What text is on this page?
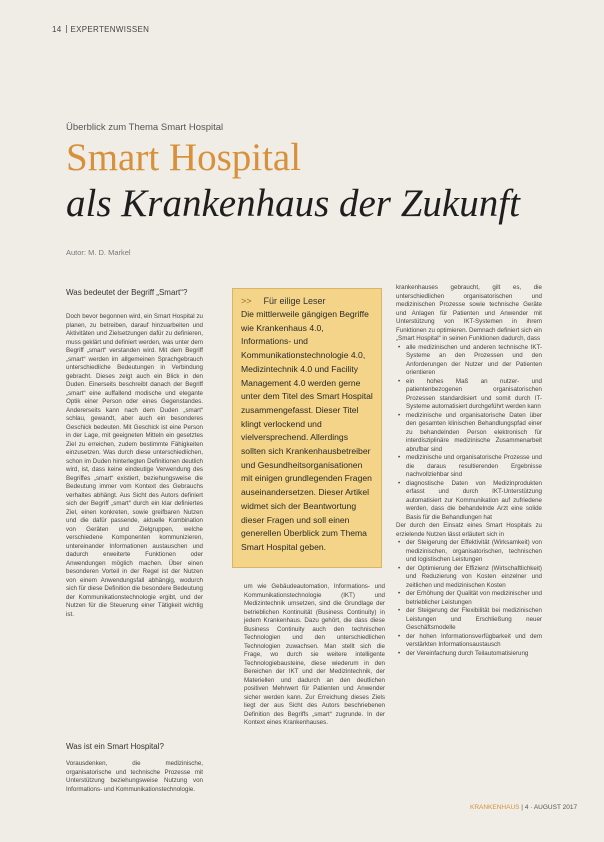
14 EXPERTENWISSEN
Überblick zum Thema Smart Hospital
Smart Hospital
als Krankenhaus der Zukunft
Autor: M. D. Markel
Was bedeutet der Begriff „Smart“?

Doch bevor begonnen wird, ein Smart Hospital zu planen, zu betreiben, darauf hinzuarbeiten und Aktivitäten und Zielsetzungen dafür zu definieren, muss geklärt und definiert werden, was unter dem Begriff „smart“ verstanden wird. Mit dem Begriff „smart“ werden im allgemeinen Sprachgebrauch unterschiedliche Bedeutungen in Verbindung gebracht. Dieses zeigt auch ein Blick in den Duden. Einerseits beschreibt danach der Begriff „smart“ eine auffallend modische und elegante Optik einer Person oder eines Gegenstandes. Andererseits kann nach dem Duden „smart“ schlau, gewandt, aber auch ein besonderes Geschick bedeuten. Mit Geschick ist eine Person in der Lage, mit geeigneten Mitteln ein gesetztes Ziel zu erreichen, zudem bestimmte Fähigkeiten einzusetzen. Was durch diese unterschiedlichen, schon im Duden hinterlegten Definitionen deutlich wird, ist, dass keine eindeutige Verwendung des Begriffes „smart“ existiert, beziehungsweise die Bedeutung immer vom Kontext des Gebrauchs verhaltes abhängt. Aus Sicht des Autors definiert sich der Begriff „smart“ durch ein klar definiertes Ziel, einen konkreten, sowie greifbaren Nutzen und die dafür passende, aktuelle Kombination von Geräten und Zielgruppen, welche verschiedene Komponenten kommunizieren, untereinander Informationen austauschen und dadurch erweiterte Funktionen oder Anwendungen möglich machen. Über einen besonderen Vorteil in der Regel ist der Nutzen von einem Anwendungsfall abhängig, wodurch sich für diese Definition die besondere Bedeutung der Kommunikationstechnologie ergibt, und der Nutzen für die Steuerung einer Tätigkeit wichtig ist.

Was ist ein Smart Hospital?

Vorausdenken, die medizinische, organisatorische und technische Prozesse mit Unterstützung beziehungsweise Nutzung von Informations- und Kommunikationstechnologie.

>> Für eilige Leser
Die mittlerweile gängigen Begriffe wie Krankenhaus 4.0, Informations- und Kommunikationstechnologie 4.0, Medizintechnik 4.0 und Facility Management 4.0 werden gerne unter dem Titel des Smart Hospital zusammengefasst. Dieser Titel klingt verlockend und vielversprechend. Allerdings sollten sich Krankenhausbetreiber und Gesundheitsorganisationen mit einigen grundlegenden Fragen auseinandersetzen. Dieser Artikel widmet sich der Beantwortung dieser Fragen und soll einen generellen Überblick zum Thema Smart Hospital geben.

um wie Gebäudeautomation, Informations- und Kommunikationstechnologie (IKT) und Medizintechnik umsetzen, sind die Grundlage der betrieblichen Kontinuität (Business Continuity) in jedem Krankenhaus. Dazu gehört, die dass diese Business Continuity auch den technischen Technologien und den unterschiedlichen Technologien zuwachsen. Man stellt sich die Frage, wo durch sie weitere intelligente Technologiebausteine, diese wiederum in den Bereichen der IKT und der Medizintechnik, der Materiellen und dadurch an den deutlichen positiven Mehrwert für Patienten und Anwender sicher werden kann. Zur Erreichung dieses Ziels liegt der aus Sicht des Autors beschriebenen Definition des Begriffs „smart“ zugrunde. In der Kontext eines Krankenhauses.

krankenhauses gebraucht, gilt es, die unterschiedlichen organisatorischen und medizinischen Prozesse sowie technische Geräte und Anlagen für Patienten und Anwender mit Unterstützung von IKT-Systemen in ihrem Funktionen zu optimieren. Demnach definiert sich ein „Smart Hospital“ in seinen Funktionen dadurch, dass

• alle medizinischen und anderen technische IKT-Systeme an den Prozessen und den Anforderungen der Nutzer und der Patienten orientieren
• ein hohes Maß an nutzer- und patientenbezogenen organisatorischen Prozessen standardisiert und somit durch IT-Systeme automatisiert durchgeführt werden kann
• medizinische und organisatorische Daten über den gesamten klinischen Behandlungspfad einer zu behandelnden Person elektronisch für interdisziplinäre medizinische Zusammenarbeit abrufbar sind
• medizinische und organisatorische Prozesse und die daraus resultierenden Ergebnisse nachvollziehbar sind
• diagnostische Daten von Medizinprodukten erfasst und durch IKT-Unterstützung automatisiert zur Kommunikation auf zufriedene werden, dass die behandelnde Arzt eine solide Basis für die Behandlungen hat

Der durch den Einsatz eines Smart Hospitals zu erzielende Nutzen lässt erläutert sich in

• der Steigerung der Effektivität (Wirksamkeit) von medizinischen, organisatorischen, technischen und logistischen Leistungen
• der Optimierung der Effizienz (Wirtschaftlichkeit) und Reduzierung von Kosten einzelner und zeitlichen und medizinischen Kosten
• der Erhöhung der Qualität von medizinischer und betrieblicher Leistungen
• der Steigerung der Flexibilität bei medizinischen Leistungen und Erschließung neuer Geschäftsmodelle
• der hohen Informationsverfügbarkeit und dem verstärkten Informationsaustausch
• der Vereinfachung durch Teilautomatisierung
KRANKENHAUS | 4 · AUGUST 2017
